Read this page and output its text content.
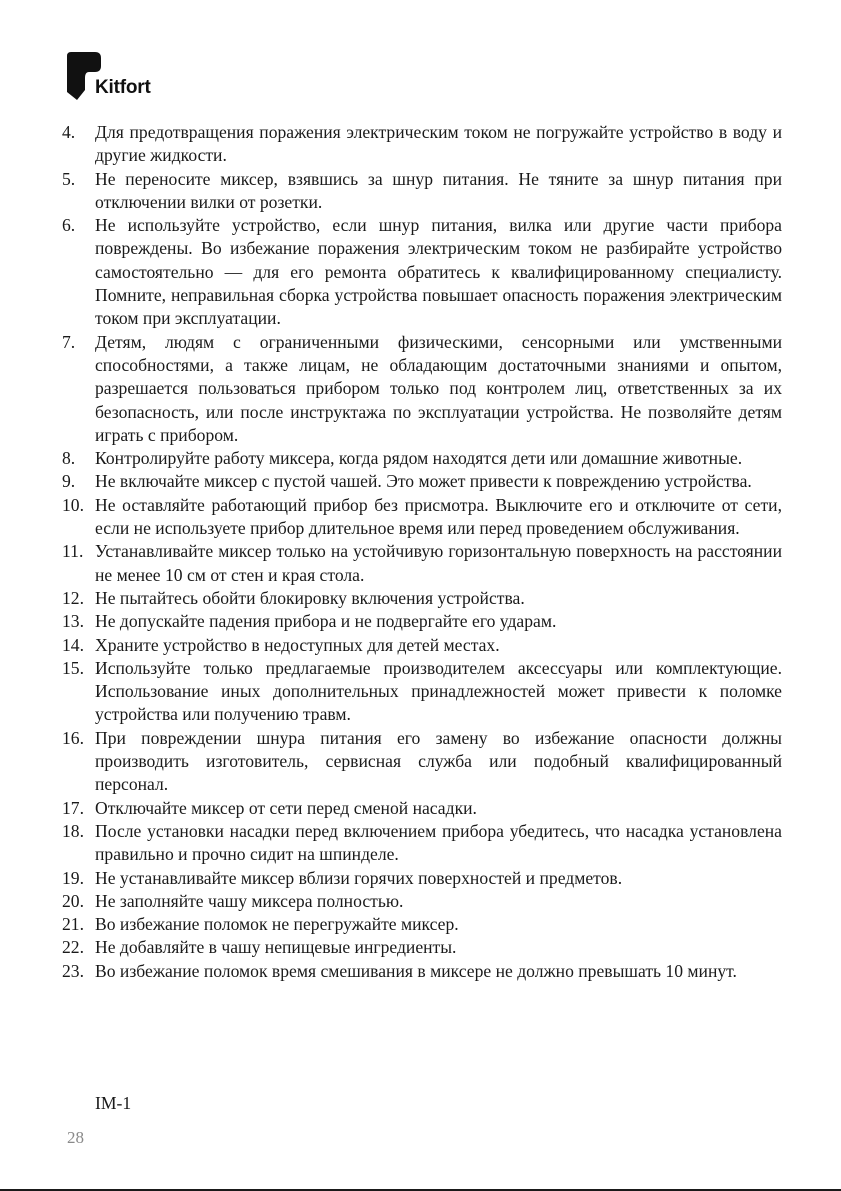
Kitfort
4. Для предотвращения поражения электрическим током не погружайте устройство в воду и другие жидкости.
5. Не переносите миксер, взявшись за шнур питания. Не тяните за шнур питания при отключении вилки от розетки.
6. Не используйте устройство, если шнур питания, вилка или другие части прибора повреждены. Во избежание поражения электрическим током не разбирайте устройство самостоятельно — для его ремонта обратитесь к квалифицированному специалисту. Помните, неправильная сборка устройства повышает опасность поражения электрическим током при эксплуатации.
7. Детям, людям с ограниченными физическими, сенсорными или умственными способностями, а также лицам, не обладающим достаточными знаниями и опытом, разрешается пользоваться прибором только под контролем лиц, ответственных за их безопасность, или после инструктажа по эксплуатации устройства. Не позволяйте детям играть с прибором.
8. Контролируйте работу миксера, когда рядом находятся дети или домашние животные.
9. Не включайте миксер с пустой чашей. Это может привести к повреждению устройства.
10. Не оставляйте работающий прибор без присмотра. Выключите его и отключите от сети, если не используете прибор длительное время или перед проведением обслуживания.
11. Устанавливайте миксер только на устойчивую горизонтальную поверхность на расстоянии не менее 10 см от стен и края стола.
12. Не пытайтесь обойти блокировку включения устройства.
13. Не допускайте падения прибора и не подвергайте его ударам.
14. Храните устройство в недоступных для детей местах.
15. Используйте только предлагаемые производителем аксессуары или комплектующие. Использование иных дополнительных принадлежностей может привести к поломке устройства или получению травм.
16. При повреждении шнура питания его замену во избежание опасности должны производить изготовитель, сервисная служба или подобный квалифицированный персонал.
17. Отключайте миксер от сети перед сменой насадки.
18. После установки насадки перед включением прибора убедитесь, что насадка установлена правильно и прочно сидит на шпинделе.
19. Не устанавливайте миксер вблизи горячих поверхностей и предметов.
20. Не заполняйте чашу миксера полностью.
21. Во избежание поломок не перегружайте миксер.
22. Не добавляйте в чашу непищевые ингредиенты.
23. Во избежание поломок время смешивания в миксере не должно превышать 10 минут.
IM-1
28
